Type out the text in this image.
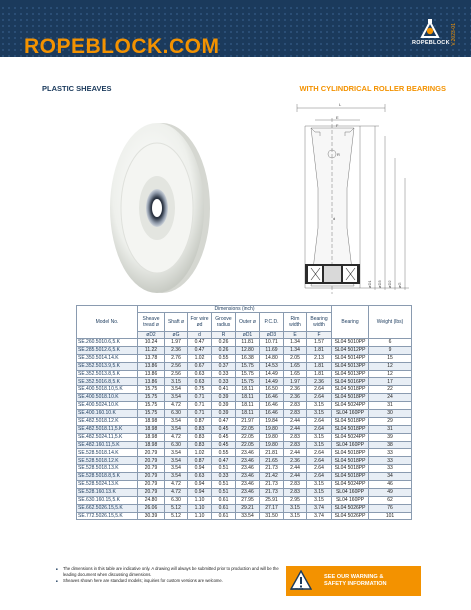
ROPEBLOCK.COM	ROPEBLOCK V.2023-01
PLASTIC SHEAVES	WITH CYLINDRICAL ROLLER BEARINGS
L
E
F
R
øD1 øD3 øD2
d
øG
Model No.	Dimensions (inch)								Bearing	Weight (lbs)
	Sheave tread ø	Shaft ø	For wire ød	Groove radius	Outer ø	P.C.D.	Rim width	Bearing width		
	øD2	øG	d	R	øD1	øD3	E	F		
SE.260.5010.6,5.K	10.24	1.97	0.47	0.26	11.81	10.71	1.34	1.57	SL04 5010PP	6
SE.285.5012.6,5.K	11.22	2.36	0.47	0.26	12.80	11.69	1.34	1.81	SL04 5012PP	9
SE.350.5014.14.K	13.78	2.76	1.02	0.55	16.38	14.80	2.05	2.13	SL04 5014PP	15
SE.352.5013.9,5.K	13.86	2.56	0.67	0.37	15.75	14.53	1.65	1.81	SL04 5013PP	12
SE.352.5013.8,5.K	13.86	2.56	0.63	0.33	15.75	14.49	1.65	1.81	SL04 5013PP	12
SE.352.5016.8,5.K	13.86	3.15	0.63	0.33	15.75	14.49	1.97	2.36	SL04 5016PP	17
SE.400.5018.10,5.K	15.75	3.54	0.75	0.41	18.11	16.50	2.36	2.64	SL04 5018PP	22
SE.400.5018.10.K	15.75	3.54	0.71	0.39	18.11	16.46	2.36	2.64	SL04 5018PP	24
SE.400.5024.10.K	15.75	4.72	0.71	0.39	18.11	16.46	2.83	3.15	SL04 5024PP	31
SE.400.160.10.K	15.75	6.30	0.71	0.39	18.11	16.46	2.83	3.15	SL04 160PP	30
SE.482.5018.12.K	18.98	3.54	0.87	0.47	21.97	19.84	2.44	2.64	SL04 5018PP	29
SE.482.5018.11,5.K	18.98	3.54	0.83	0.45	22.05	19.80	2.44	2.64	SL04 5018PP	31
SE.482.5024.11,5.K	18.98	4.72	0.83	0.45	22.05	19.80	2.83	3.15	SL04 5024PP	39
SE.482.160.11,5.K	18.98	6.30	0.83	0.45	22.05	19.80	2.83	3.15	SL04 160PP	38
SE.528.5018.14.K	20.79	3.54	1.02	0.55	23.46	21.81	2.44	2.64	SL04 5018PP	33
SE.528.5018.12.K	20.79	3.54	0.87	0.47	23.46	21.65	2.36	2.64	SL04 5018PP	33
SE.528.5018.13.K	20.79	3.54	0.94	0.51	23.46	21.73	2.44	2.64	SL04 5018PP	33
SE.528.5018.8,5.K	20.79	3.54	0.63	0.33	23.46	21.42	2.44	2.64	SL04 5018PP	34
SE.528.5024.13.K	20.79	4.72	0.94	0.51	23.46	21.73	2.83	3.15	SL04 5024PP	46
SE.528.160.13.K	20.79	4.72	0.94	0.51	23.46	21.73	2.83	3.15	SL04 160PP	49
SE.630.160.15,5.K	24.80	6.30	1.10	0.61	27.95	25.91	2.95	3.15	SL04 160PP	62
SE.662.5026.15,5.K	26.06	5.12	1.10	0.61	29.21	27.17	3.15	3.74	SL04 5026PP	76
SE.772.5026.15,5.K	30.39	5.12	1.10	0.61	33.54	31.50	3.15	3.74	SL04 5026PP	101
■ The dimensions in this table are indicative only. A drawing will always be submitted prior to production and will be the leading document when discussing dimensions.
■ Sheaves shown here are standard models; inquiries for custom versions are welcome.
WARNING
SEE OUR WARNING &
SAFETY INFORMATION
